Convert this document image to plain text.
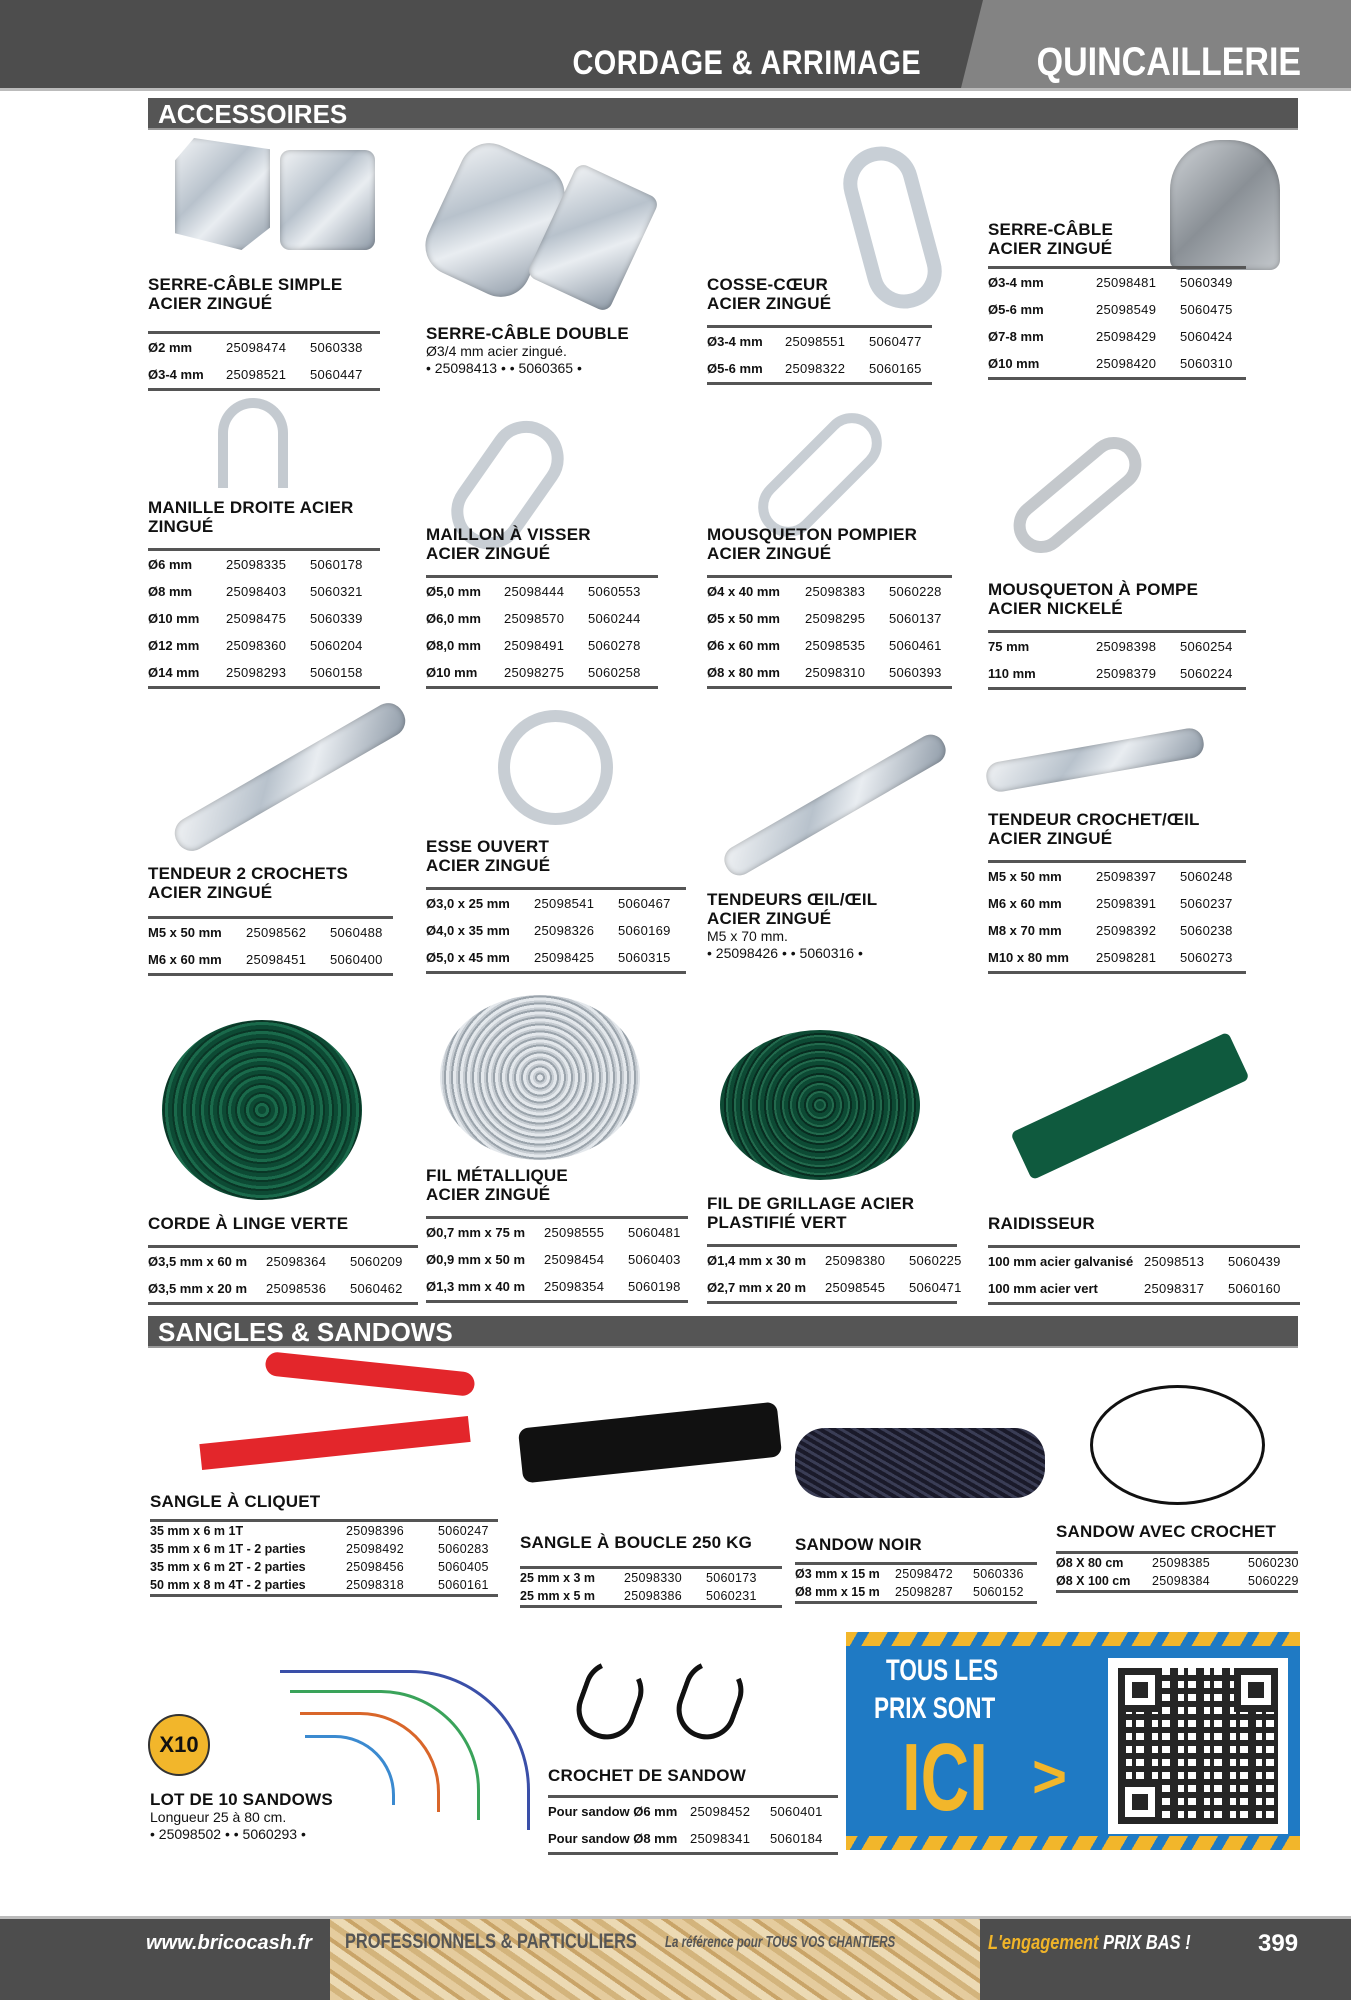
CORDAGE & ARRIMAGE	QUINCAILLERIE
ACCESSOIRES
SERRE-CÂBLE SIMPLE
ACIER ZINGUÉ
Ø2 mm	25098474	5060338
Ø3-4 mm	25098521	5060447
SERRE-CÂBLE DOUBLE
Ø3/4 mm acier zingué.
• 25098413 • • 5060365 •
COSSE-CŒUR
ACIER ZINGUÉ
Ø3-4 mm	25098551	5060477
Ø5-6 mm	25098322	5060165
SERRE-CÂBLE
ACIER ZINGUÉ
Ø3-4 mm	25098481	5060349
Ø5-6 mm	25098549	5060475
Ø7-8 mm	25098429	5060424
Ø10 mm	25098420	5060310
MANILLE DROITE ACIER
ZINGUÉ
Ø6 mm	25098335	5060178
Ø8 mm	25098403	5060321
Ø10 mm	25098475	5060339
Ø12 mm	25098360	5060204
Ø14 mm	25098293	5060158
MAILLON À VISSER
ACIER ZINGUÉ
Ø5,0 mm	25098444	5060553
Ø6,0 mm	25098570	5060244
Ø8,0 mm	25098491	5060278
Ø10 mm	25098275	5060258
MOUSQUETON POMPIER
ACIER ZINGUÉ
Ø4 x 40 mm	25098383	5060228
Ø5 x 50 mm	25098295	5060137
Ø6 x 60 mm	25098535	5060461
Ø8 x 80 mm	25098310	5060393
MOUSQUETON À POMPE
ACIER NICKELÉ
75 mm	25098398	5060254
110 mm	25098379	5060224
TENDEUR 2 CROCHETS
ACIER ZINGUÉ
M5 x 50 mm	25098562	5060488
M6 x 60 mm	25098451	5060400
ESSE OUVERT
ACIER ZINGUÉ
Ø3,0 x 25 mm	25098541	5060467
Ø4,0 x 35 mm	25098326	5060169
Ø5,0 x 45 mm	25098425	5060315
TENDEURS ŒIL/ŒIL
ACIER ZINGUÉ
M5 x 70 mm.
• 25098426 • • 5060316 •
TENDEUR CROCHET/ŒIL
ACIER ZINGUÉ
M5 x 50 mm	25098397	5060248
M6 x 60 mm	25098391	5060237
M8 x 70 mm	25098392	5060238
M10 x 80 mm	25098281	5060273
CORDE À LINGE VERTE
Ø3,5 mm x 60 m	25098364	5060209
Ø3,5 mm x 20 m	25098536	5060462
FIL MÉTALLIQUE
ACIER ZINGUÉ
Ø0,7 mm x 75 m	25098555	5060481
Ø0,9 mm x 50 m	25098454	5060403
Ø1,3 mm x 40 m	25098354	5060198
FIL DE GRILLAGE ACIER
PLASTIFIÉ VERT
Ø1,4 mm x 30 m	25098380	5060225
Ø2,7 mm x 20 m	25098545	5060471
RAIDISSEUR
100 mm acier galvanisé 25098513	5060439
100 mm acier vert	25098317	5060160
SANGLES & SANDOWS
SANGLE À CLIQUET
35 mm x 6 m 1T	25098396	5060247
35 mm x 6 m 1T - 2 parties	25098492	5060283
35 mm x 6 m 2T - 2 parties	25098456	5060405
50 mm x 8 m 4T - 2 parties	25098318	5060161
SANGLE À BOUCLE 250 KG
25 mm x 3 m	25098330	5060173
25 mm x 5 m	25098386	5060231
SANDOW NOIR
Ø3 mm x 15 m	25098472	5060336
Ø8 mm x 15 m	25098287	5060152
SANDOW AVEC CROCHET
Ø8 X 80 cm	25098385	5060230
Ø8 X 100 cm	25098384	5060229
X10
LOT DE 10 SANDOWS
Longueur 25 à 80 cm.
• 25098502 • • 5060293 •
CROCHET DE SANDOW
Pour sandow Ø6 mm 25098452	5060401
Pour sandow Ø8 mm 25098341	5060184
TOUS LES
PRIX SONT
ICI >
www.bricocash.fr PROFESSIONNELS & PARTICULIERS La référence pour TOUS VOS CHANTIERS	L'engagement PRIX BAS !	399
